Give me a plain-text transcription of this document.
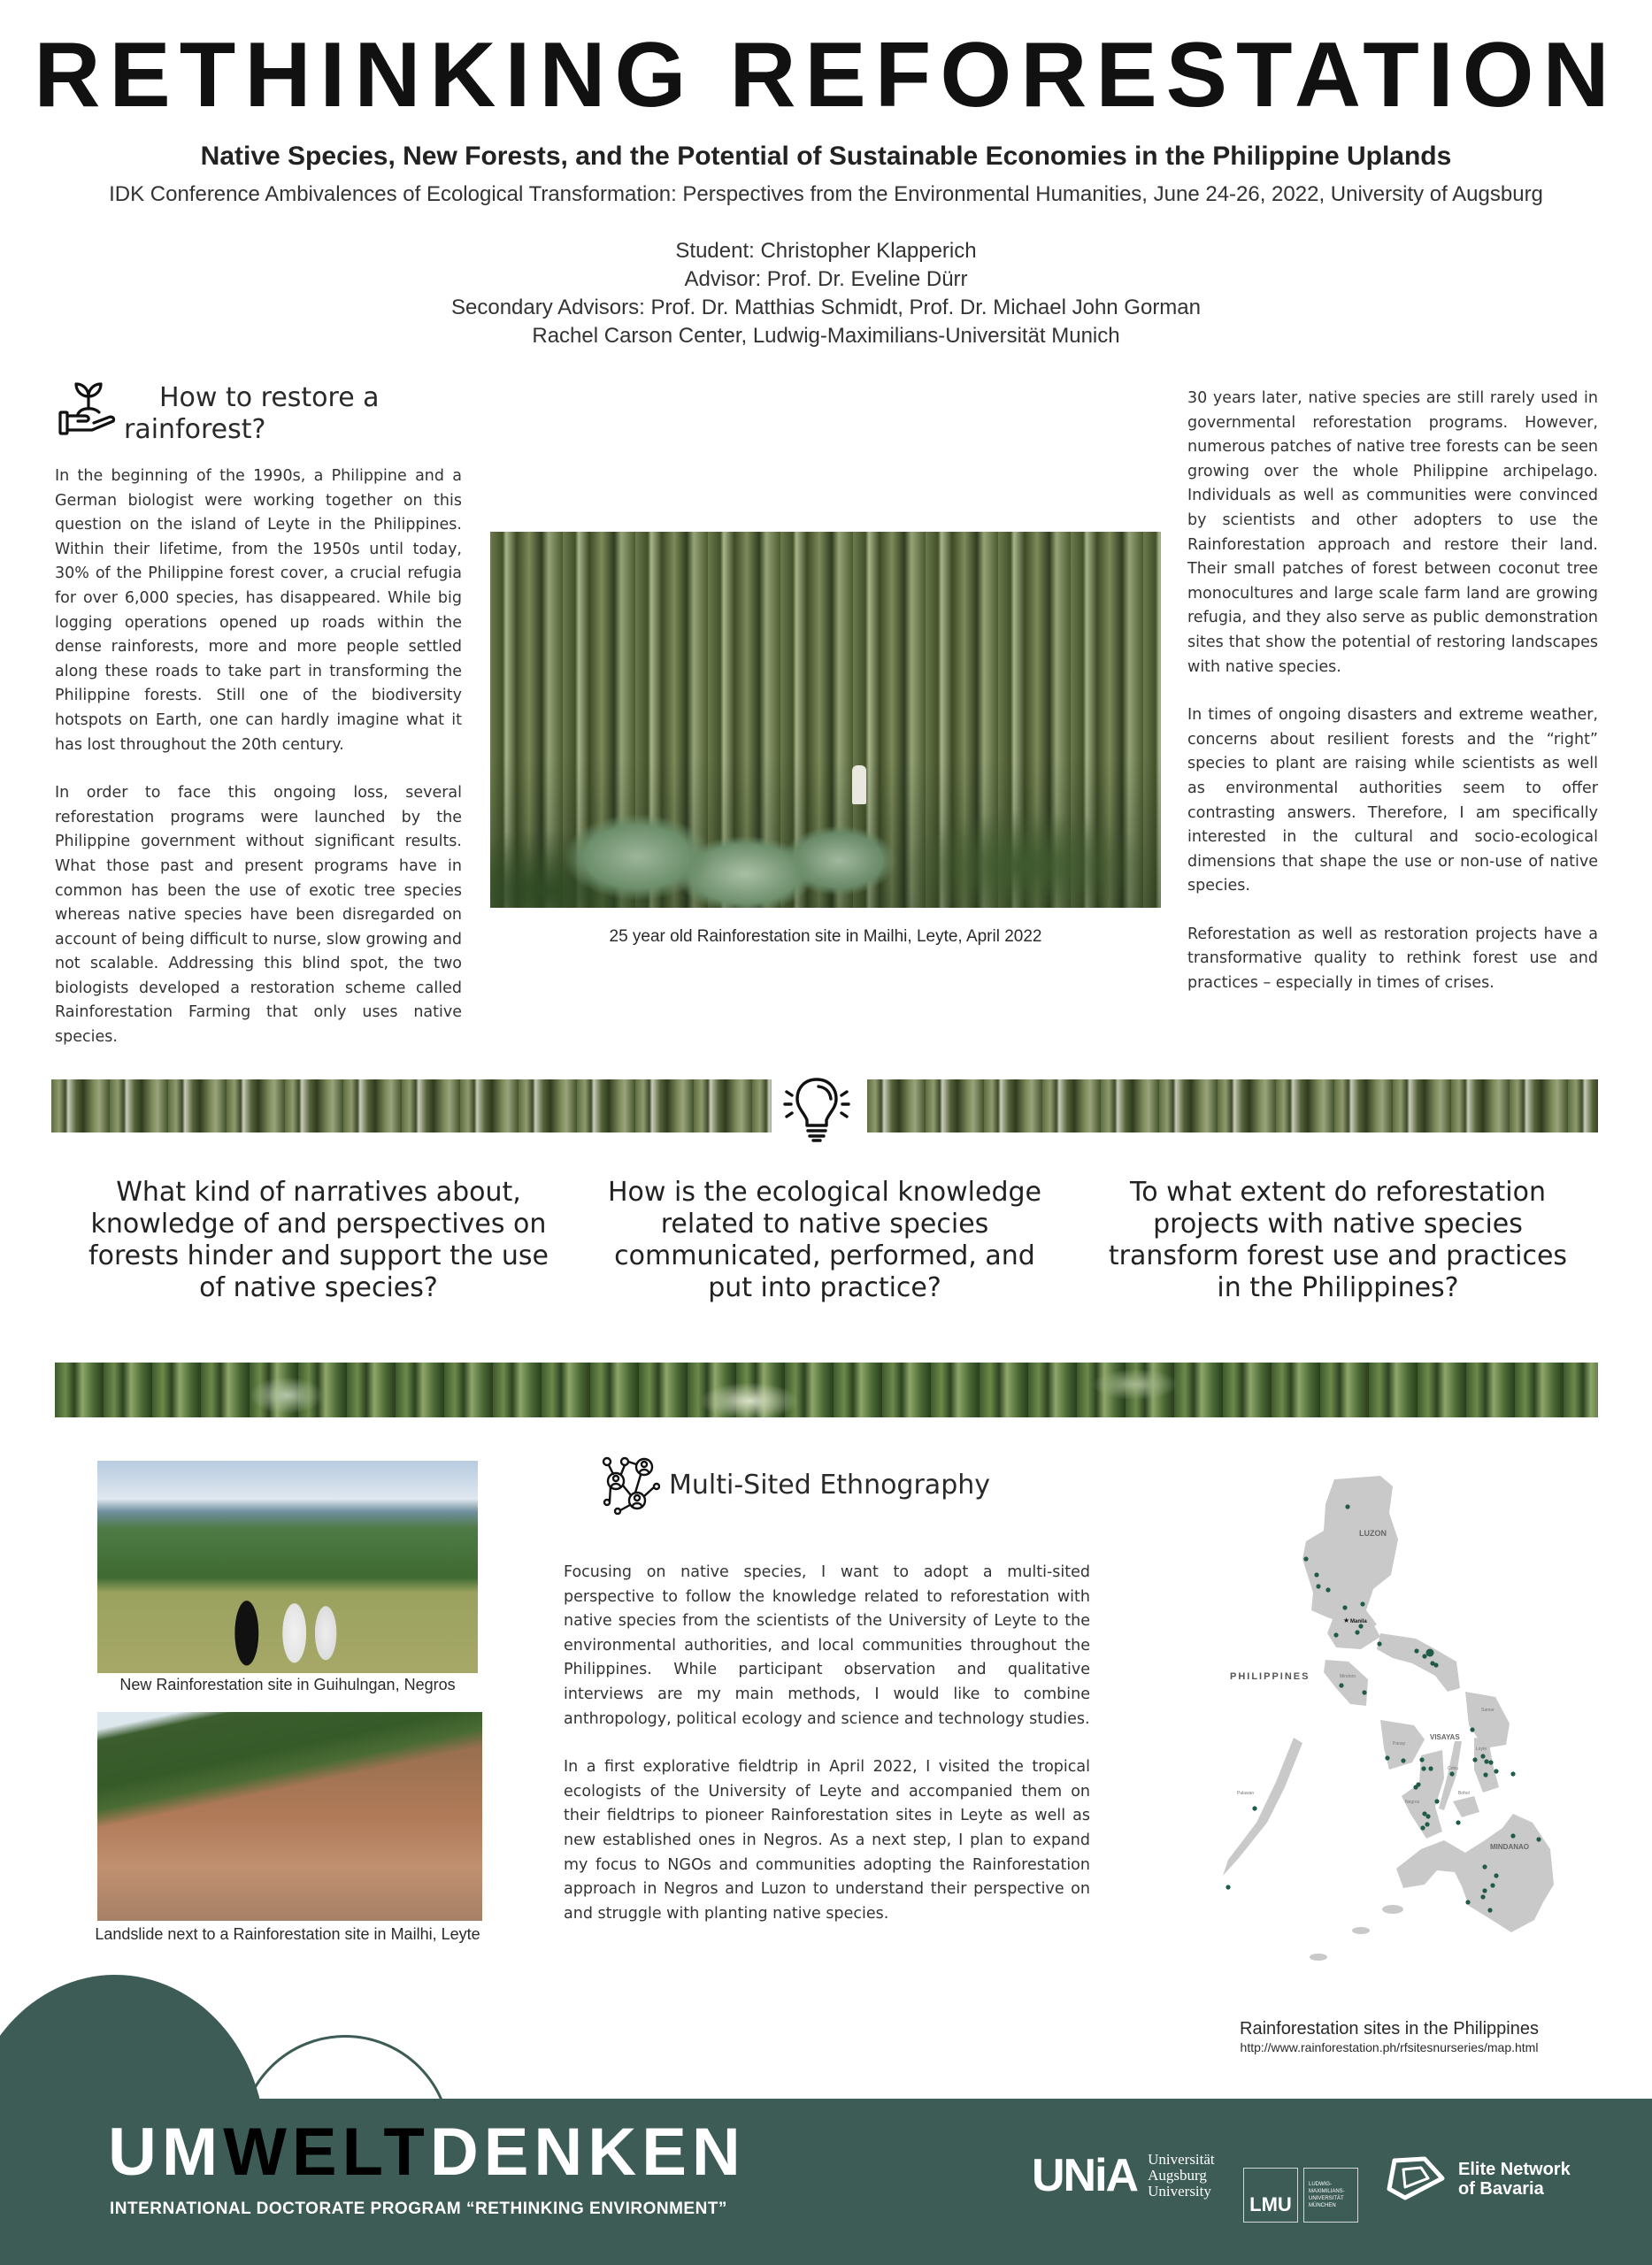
RETHINKING REFORESTATION
Native Species, New Forests, and the Potential of Sustainable Economies in the Philippine Uplands
IDK Conference Ambivalences of Ecological Transformation: Perspectives from the Environmental Humanities, June 24-26, 2022, University of Augsburg
Student: Christopher Klapperich
Advisor: Prof. Dr. Eveline Dürr
Secondary Advisors: Prof. Dr. Matthias Schmidt, Prof. Dr. Michael John Gorman
Rachel Carson Center, Ludwig-Maximilians-Universität Munich
How to restore a
rainforest?

In the beginning of the 1990s, a Philippine and a German biologist were working together on this question on the island of Leyte in the Philippines. Within their lifetime, from the 1950s until today, 30% of the Philippine forest cover, a crucial refugia for over 6,000 species, has disappeared. While big logging operations opened up roads within the dense rainforests, more and more people settled along these roads to take part in transforming the Philippine forests. Still one of the biodiversity hotspots on Earth, one can hardly imagine what it has lost throughout the 20th century.

In order to face this ongoing loss, several reforestation programs were launched by the Philippine government without significant results. What those past and present programs have in common has been the use of exotic tree species whereas native species have been disregarded on account of being difficult to nurse, slow growing and not scalable. Addressing this blind spot, the two biologists developed a restoration scheme called Rainforestation Farming that only uses native species.

25 year old Rainforestation site in Mailhi, Leyte, April 2022

30 years later, native species are still rarely used in governmental reforestation programs. However, numerous patches of native tree forests can be seen growing over the whole Philippine archipelago. Individuals as well as communities were convinced by scientists and other adopters to use the Rainforestation approach and restore their land. Their small patches of forest between coconut tree monocultures and large scale farm land are growing refugia, and they also serve as public demonstration sites that show the potential of restoring landscapes with native species.

In times of ongoing disasters and extreme weather, concerns about resilient forests and the “right” species to plant are raising while scientists as well as environmental authorities seem to offer contrasting answers. Therefore, I am specifically interested in the cultural and socio-ecological dimensions that shape the use or non-use of native species.

Reforestation as well as restoration projects have a transformative quality to rethink forest use and practices – especially in times of crises.

What kind of narratives about, knowledge of and perspectives on forests hinder and support the use of native species?
How is the ecological knowledge related to native species communicated, performed, and put into practice?
To what extent do reforestation projects with native species transform forest use and practices in the Philippines?
New Rainforestation site in Guihulngan, Negros
Landslide next to a Rainforestation site in Mailhi, Leyte
Multi-Sited Ethnography

Focusing on native species, I want to adopt a multi-sited perspective to follow the knowledge related to reforestation with native species from the scientists of the University of Leyte to the environmental authorities, and local communities throughout the Philippines. While participant observation and qualitative interviews are my main methods, I would like to combine anthropology, political ecology and science and technology studies.

In a first explorative fieldtrip in April 2022, I visited the tropical ecologists of the University of Leyte and accompanied them on their fieldtrips to pioneer Rainforestation sites in Leyte as well as new established ones in Negros. As a next step, I plan to expand my focus to NGOs and communities adopting the Rainforestation approach in Negros and Luzon to understand their perspective on and struggle with planting native species.

LUZON
PHILIPPINES
VISAYAS
MINDANAO
Mindoro
Samar
Panay
Leyte
Cebu
Negros
Bohol
Palawan
★ Manila
Rainforestation sites in the Philippines
http://www.rainforestation.ph/rfsitesnurseries/map.html
UMWELTDENKEN
INTERNATIONAL DOCTORATE PROGRAM “RETHINKING ENVIRONMENT”
UNiA Universität
Augsburg
University
LMU
LUDWIG-
MAXIMILIANS-
UNIVERSITÄT
MÜNCHEN
Elite Network
of Bavaria
